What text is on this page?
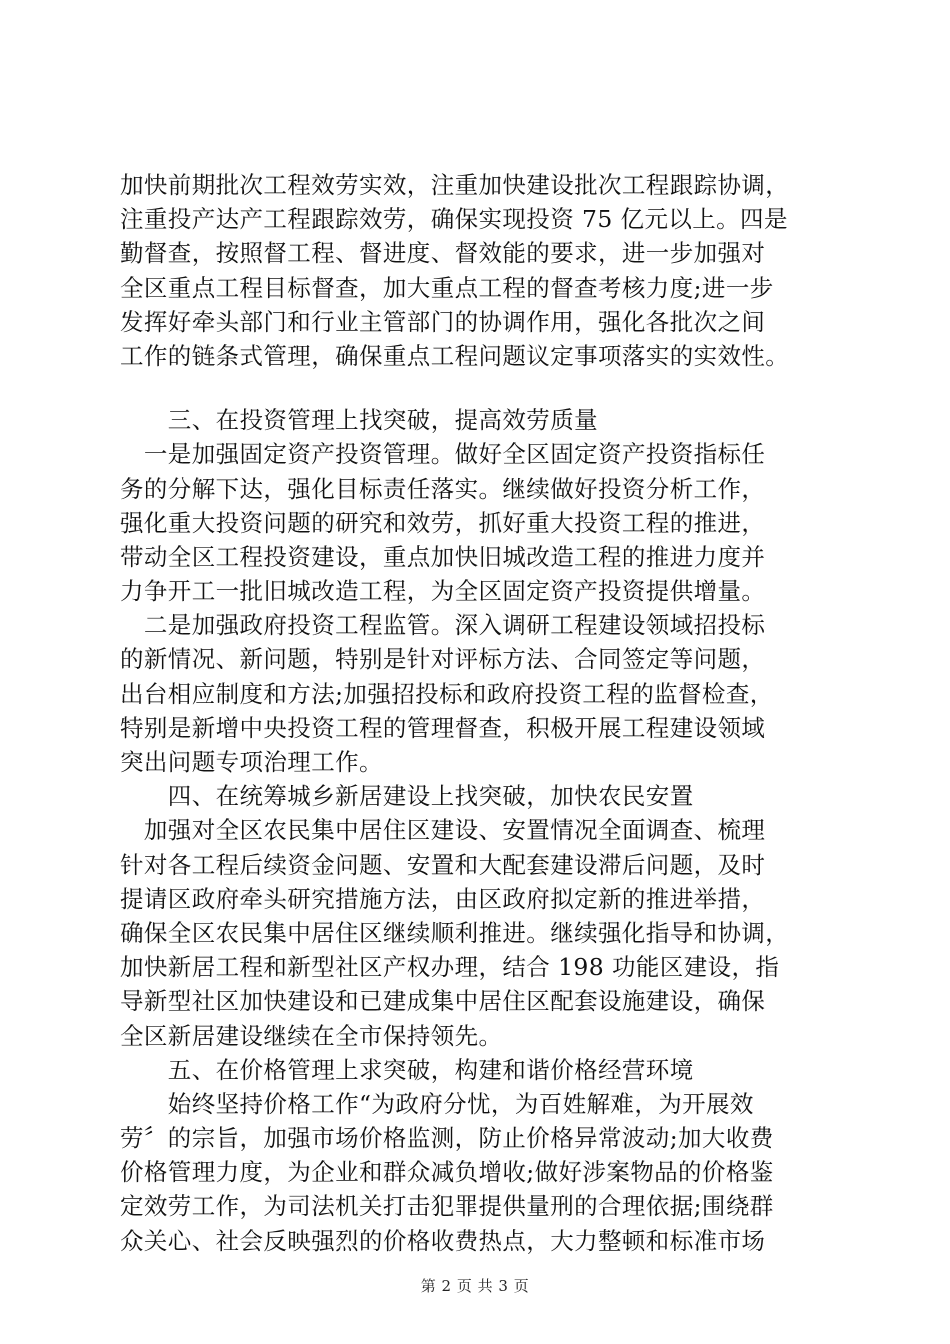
加快前期批次工程效劳实效，注重加快建设批次工程跟踪协调，
注重投产达产工程跟踪效劳，确保实现投资 75 亿元以上。四是
勤督查，按照督工程、督进度、督效能的要求，进一步加强对
全区重点工程目标督查，加大重点工程的督查考核力度;进一步
发挥好牵头部门和行业主管部门的协调作用，强化各批次之间
工作的链条式管理，确保重点工程问题议定事项落实的实效性。
　　三、在投资管理上找突破，提高效劳质量
　一是加强固定资产投资管理。做好全区固定资产投资指标任
务的分解下达，强化目标责任落实。继续做好投资分析工作，
强化重大投资问题的研究和效劳，抓好重大投资工程的推进，
带动全区工程投资建设，重点加快旧城改造工程的推进力度并
力争开工一批旧城改造工程，为全区固定资产投资提供增量。
　二是加强政府投资工程监管。深入调研工程建设领域招投标
的新情况、新问题，特别是针对评标方法、合同签定等问题，
出台相应制度和方法;加强招投标和政府投资工程的监督检查，
特别是新增中央投资工程的管理督查，积极开展工程建设领域
突出问题专项治理工作。
　　四、在统筹城乡新居建设上找突破，加快农民安置
　加强对全区农民集中居住区建设、安置情况全面调查、梳理
针对各工程后续资金问题、安置和大配套建设滞后问题，及时
提请区政府牵头研究措施方法，由区政府拟定新的推进举措，
确保全区农民集中居住区继续顺利推进。继续强化指导和协调，
加快新居工程和新型社区产权办理，结合 198 功能区建设，指
导新型社区加快建设和已建成集中居住区配套设施建设，确保
全区新居建设继续在全市保持领先。
　　五、在价格管理上求突破，构建和谐价格经营环境
　　始终坚持价格工作“为政府分忧，为百姓解难，为开展效
劳〞的宗旨，加强市场价格监测，防止价格异常波动;加大收费
价格管理力度，为企业和群众减负增收;做好涉案物品的价格鉴
定效劳工作，为司法机关打击犯罪提供量刑的合理依据;围绕群
众关心、社会反映强烈的价格收费热点，大力整顿和标准市场
第 2 页 共 3 页
